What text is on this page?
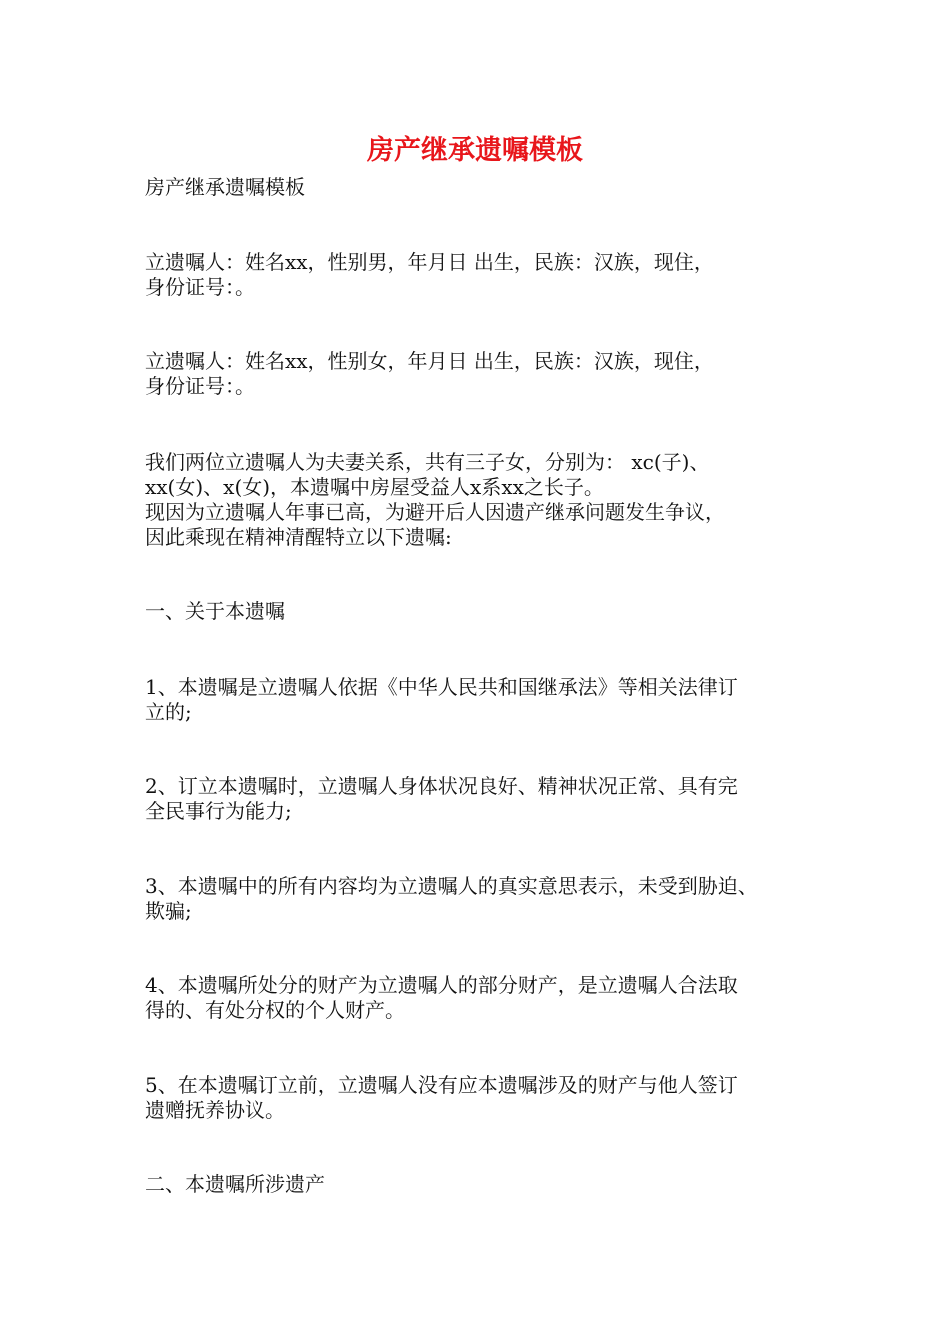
房产继承遗嘱模板

房产继承遗嘱模板

立遗嘱人：姓名xx，性别男，年月日 出生，民族：汉族，现住，

身份证号：。

立遗嘱人：姓名xx，性别女，年月日 出生，民族：汉族，现住，

身份证号：。

我们两位立遗嘱人为夫妻关系，共有三子女，分别为： xc(子)、

xx(女)、x(女)，本遗嘱中房屋受益人x系xx之长子。

现因为立遗嘱人年事已高，为避开后人因遗产继承问题发生争议，

因此乘现在精神清醒特立以下遗嘱:

一、关于本遗嘱

1、本遗嘱是立遗嘱人依据《中华人民共和国继承法》等相关法律订

立的;

2、订立本遗嘱时，立遗嘱人身体状况良好、精神状况正常、具有完

全民事行为能力;

3、本遗嘱中的所有内容均为立遗嘱人的真实意思表示，未受到胁迫、

欺骗;

4、本遗嘱所处分的财产为立遗嘱人的部分财产，是立遗嘱人合法取

得的、有处分权的个人财产。

5、在本遗嘱订立前，立遗嘱人没有应本遗嘱涉及的财产与他人签订

遗赠抚养协议。

二、本遗嘱所涉遗产
